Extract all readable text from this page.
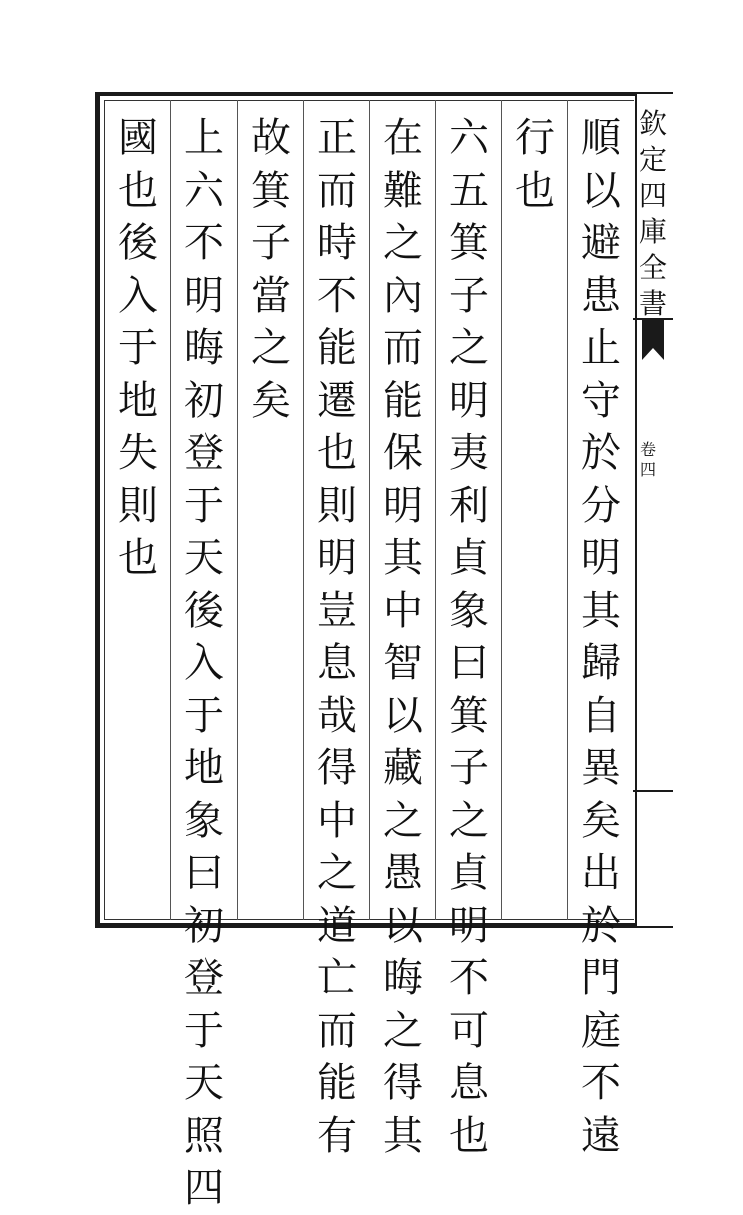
欽
定
四
庫
全
書
卷
四
順
以
避
患
止
守
於
分
明
其
歸
自
異
矣
出
於
門
庭
不
遠
行
也
六
五
箕
子
之
明
夷
利
貞
象
曰
箕
子
之
貞
明
不
可
息
也
在
難
之
內
而
能
保
明
其
中
智
以
藏
之
愚
以
晦
之
得
其
正
而
時
不
能
遷
也
則
明
豈
息
哉
得
中
之
道
亡
而
能
有
故
箕
子
當
之
矣
上
六
不
明
晦
初
登
于
天
後
入
于
地
象
曰
初
登
于
天
照
四
國
也
後
入
于
地
失
則
也
